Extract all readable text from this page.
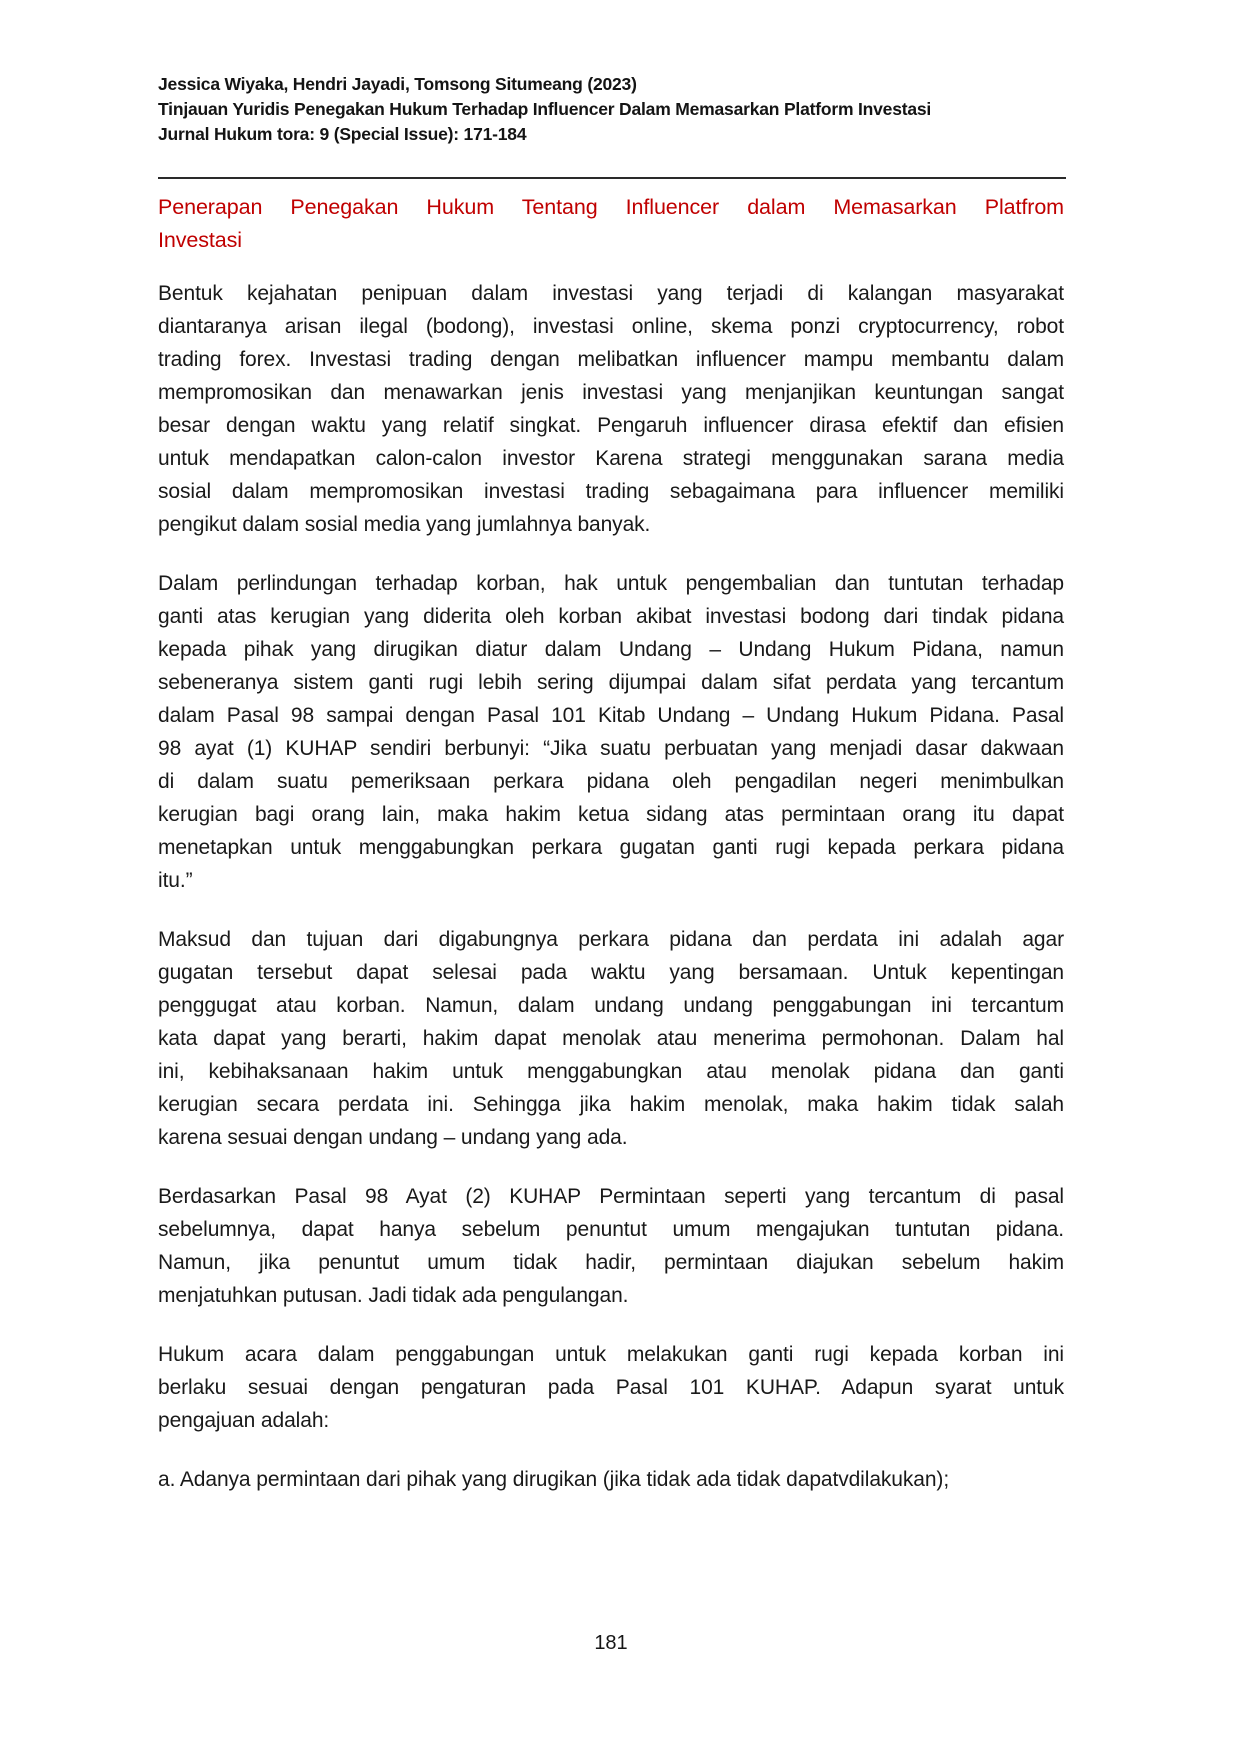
Jessica Wiyaka, Hendri Jayadi, Tomsong Situmeang (2023)
Tinjauan Yuridis Penegakan Hukum Terhadap Influencer Dalam Memasarkan Platform Investasi
Jurnal Hukum tora: 9 (Special Issue): 171-184
Penerapan Penegakan Hukum Tentang Influencer dalam Memasarkan Platfrom
Investasi
Bentuk kejahatan penipuan dalam investasi yang terjadi di kalangan masyarakat
diantaranya arisan ilegal (bodong), investasi online, skema ponzi cryptocurrency, robot
trading forex. Investasi trading dengan melibatkan influencer mampu membantu dalam
mempromosikan dan menawarkan jenis investasi yang menjanjikan keuntungan sangat
besar dengan waktu yang relatif singkat. Pengaruh influencer dirasa efektif dan efisien
untuk mendapatkan calon-calon investor Karena strategi menggunakan sarana media
sosial dalam mempromosikan investasi trading sebagaimana para influencer memiliki
pengikut dalam sosial media yang jumlahnya banyak.
Dalam perlindungan terhadap korban, hak untuk pengembalian dan tuntutan terhadap
ganti atas kerugian yang diderita oleh korban akibat investasi bodong dari tindak pidana
kepada pihak yang dirugikan diatur dalam Undang – Undang Hukum Pidana, namun
sebeneranya sistem ganti rugi lebih sering dijumpai dalam sifat perdata yang tercantum
dalam Pasal 98 sampai dengan Pasal 101 Kitab Undang – Undang Hukum Pidana. Pasal
98 ayat (1) KUHAP sendiri berbunyi: “Jika suatu perbuatan yang menjadi dasar dakwaan
di dalam suatu pemeriksaan perkara pidana oleh pengadilan negeri menimbulkan
kerugian bagi orang lain, maka hakim ketua sidang atas permintaan orang itu dapat
menetapkan untuk menggabungkan perkara gugatan ganti rugi kepada perkara pidana
itu.”
Maksud dan tujuan dari digabungnya perkara pidana dan perdata ini adalah agar
gugatan tersebut dapat selesai pada waktu yang bersamaan. Untuk kepentingan
penggugat atau korban. Namun, dalam undang undang penggabungan ini tercantum
kata dapat yang berarti, hakim dapat menolak atau menerima permohonan. Dalam hal
ini, kebihaksanaan hakim untuk menggabungkan atau menolak pidana dan ganti
kerugian secara perdata ini. Sehingga jika hakim menolak, maka hakim tidak salah
karena sesuai dengan undang – undang yang ada.
Berdasarkan Pasal 98 Ayat (2) KUHAP Permintaan seperti yang tercantum di pasal
sebelumnya, dapat hanya sebelum penuntut umum mengajukan tuntutan pidana.
Namun, jika penuntut umum tidak hadir, permintaan diajukan sebelum hakim
menjatuhkan putusan. Jadi tidak ada pengulangan.
Hukum acara dalam penggabungan untuk melakukan ganti rugi kepada korban ini
berlaku sesuai dengan pengaturan pada Pasal 101 KUHAP. Adapun syarat untuk
pengajuan adalah:
a. Adanya permintaan dari pihak yang dirugikan (jika tidak ada tidak dapatvdilakukan);
181
